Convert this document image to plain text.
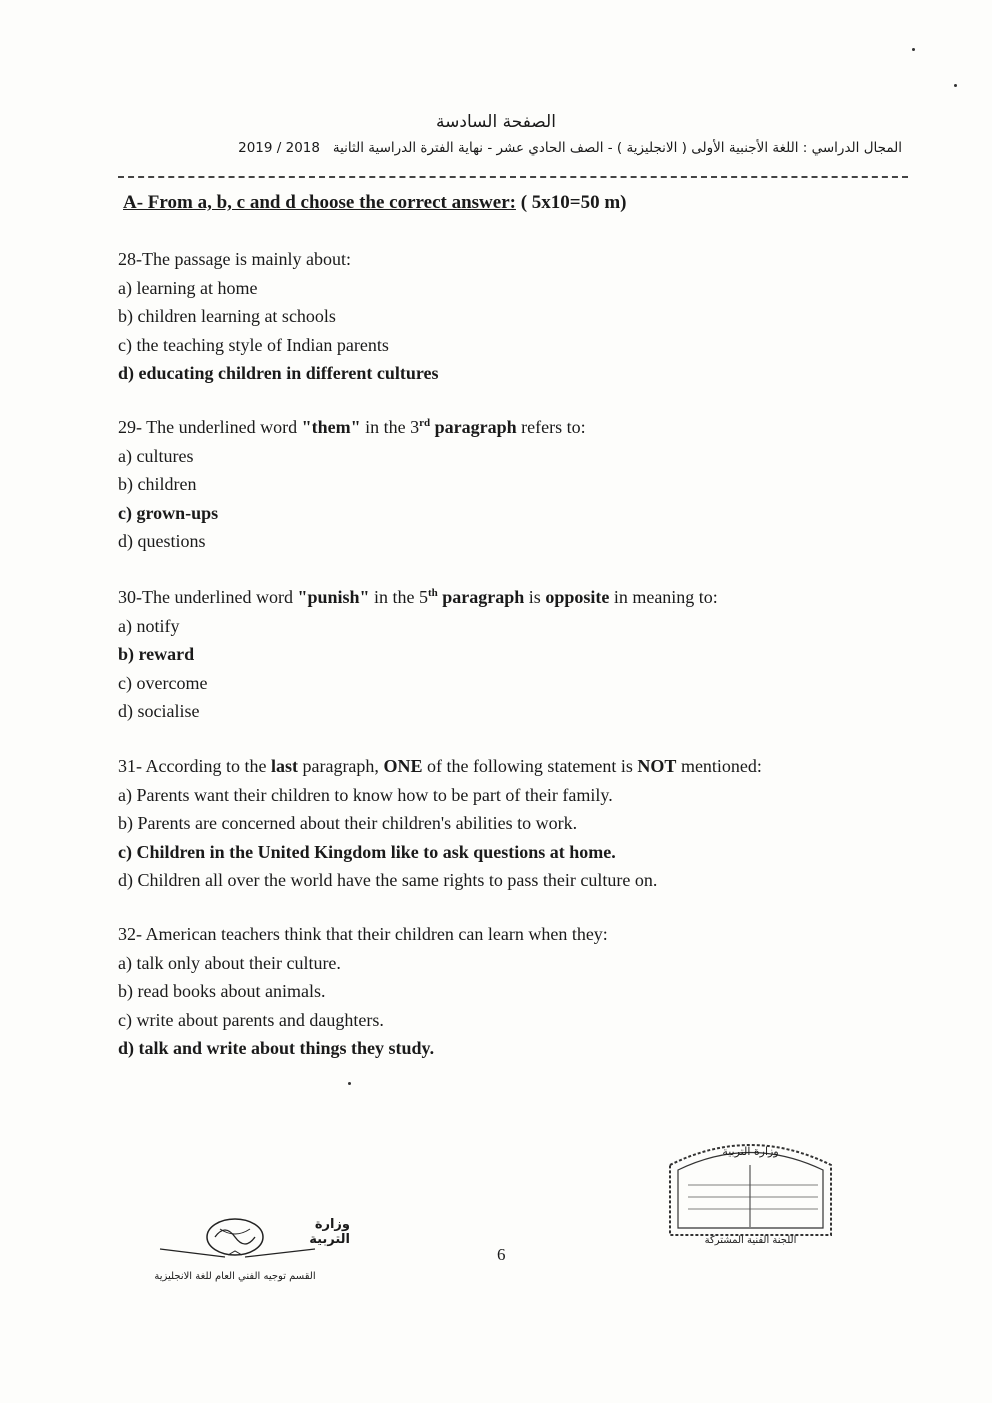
الصفحة السادسة
المجال الدراسي : اللغة الأجنبية الأولى ( الانجليزية ) - الصف الحادي عشر - نهاية الفترة الدراسية الثانية   2019 / 2018
A- From a, b, c and d choose the correct answer: ( 5x10=50 m)

28-The passage is mainly about:

a) learning at home

b) children learning at schools

c) the teaching style of Indian parents

d) educating children in different cultures

29- The underlined word "them" in the 3rd paragraph refers to:

a) cultures

b) children

c) grown-ups

d) questions

30-The underlined word "punish" in the 5th paragraph is opposite in meaning to:

a) notify

b) reward

c) overcome

d) socialise

31- According to the last paragraph, ONE of the following statement is NOT mentioned:

a) Parents want their children to know how to be part of their family.

b) Parents are concerned about their children's abilities to work.

c) Children in the United Kingdom like to ask questions at home.

d) Children all over the world have the same rights to pass their culture on.

32- American teachers think that their children can learn when they:

a) talk only about their culture.

b) read books about animals.

c) write about parents and daughters.

d) talk and write about things they study.

وزارة التربية
القسم توجيه الفني العام للغة الانجليزية
6
وزارة التربية
اللجنة الفنية المشتركة
